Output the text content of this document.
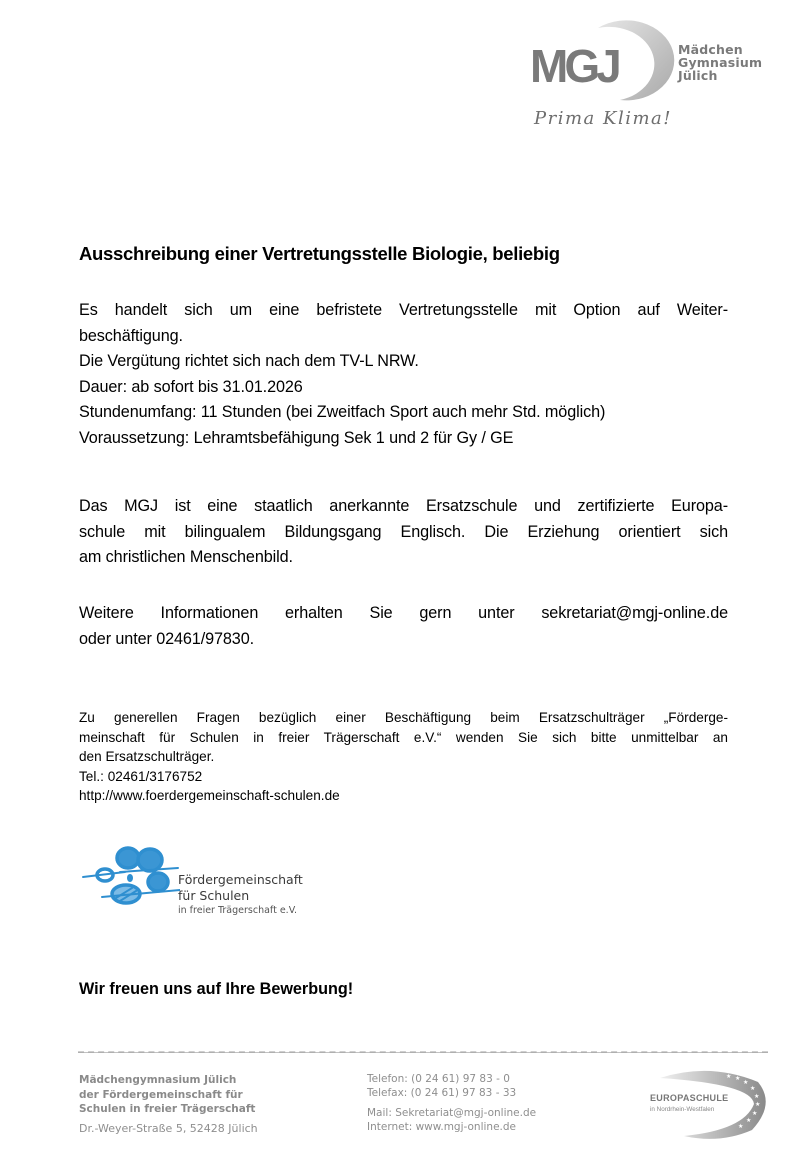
MGJ	Mädchen
Gymnasium
Jülich
Prima Klima!
Ausschreibung einer Vertretungsstelle Biologie, beliebig
Es handelt sich um eine befristete Vertretungsstelle mit Option auf Weiter-
beschäftigung.
Die Vergütung richtet sich nach dem TV-L NRW.
Dauer: ab sofort bis 31.01.2026
Stundenumfang: 11 Stunden (bei Zweitfach Sport auch mehr Std. möglich)
Voraussetzung: Lehramtsbefähigung Sek 1 und 2 für Gy / GE
Das MGJ ist eine staatlich anerkannte Ersatzschule und zertifizierte Europa-
schule mit bilingualem Bildungsgang Englisch. Die Erziehung orientiert sich
am christlichen Menschenbild.
Weitere Informationen erhalten Sie gern unter sekretariat@mgj-online.de
oder unter 02461/97830.
Zu generellen Fragen bezüglich einer Beschäftigung beim Ersatzschulträger „Förderge-
meinschaft für Schulen in freier Trägerschaft e.V.“ wenden Sie sich bitte unmittelbar an
den Ersatzschulträger.
Tel.: 02461/3176752
http://www.foerdergemeinschaft-schulen.de
Fördergemeinschaft
für Schulen
in freier Trägerschaft e.V.
Wir freuen uns auf Ihre Bewerbung!
Mädchengymnasium Jülich
der Fördergemeinschaft für
Schulen in freier Trägerschaft
Dr.-Weyer-Straße 5, 52428 Jülich
Telefon: (0 24 61) 97 83 - 0
Telefax: (0 24 61) 97 83 - 33
Mail: Sekretariat@mgj-online.de
Internet: www.mgj-online.de
★ ★
★
★
★
★
★
★
★
EUROPASCHULE
in Nordrhein-Westfalen
